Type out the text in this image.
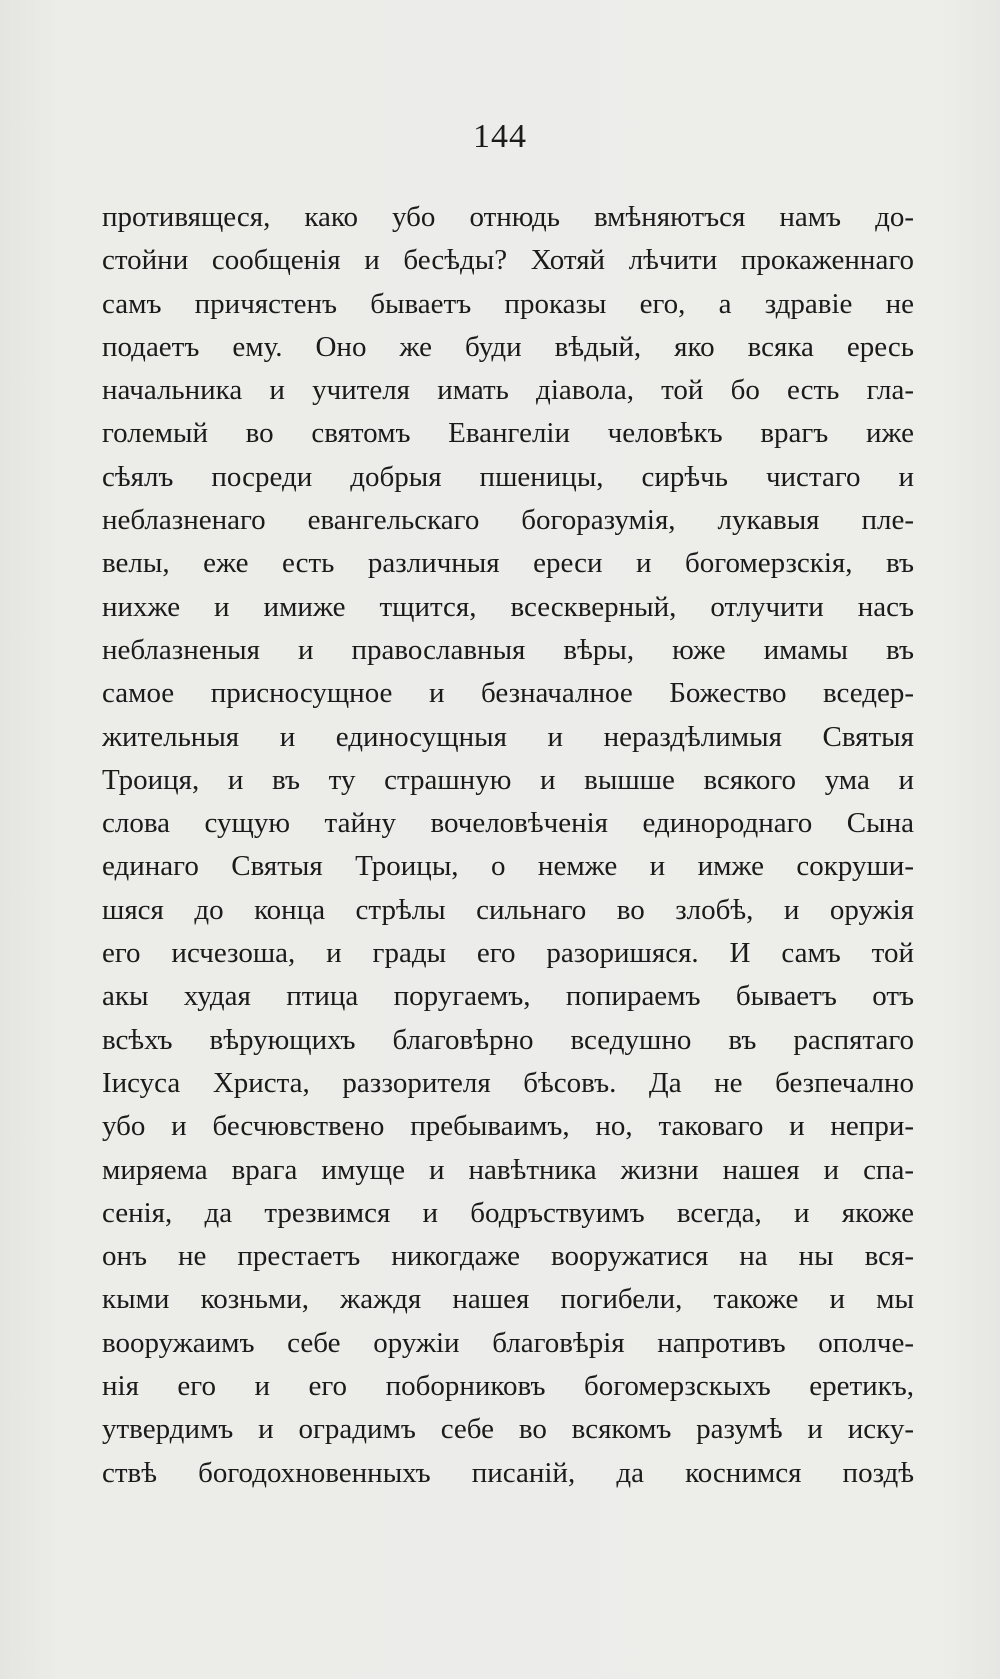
144
противящеся, како убо отнюдь вмѣняютъся намъ до-
стойни сообщенія и бесѣды? Хотяй лѣчити прокаженнаго
самъ причястенъ бываетъ проказы его, а здравіе не
подаетъ ему. Оно же буди вѣдый, яко всяка ересь
начальника и учителя имать діавола, той бо есть гла-
големый во святомъ Евангеліи человѣкъ врагъ иже
сѣялъ посреди добрыя пшеницы, сирѣчь чистаго и
неблазненаго евангельскаго богоразумія, лукавыя пле-
велы, еже есть различныя ереси и богомерзскія, въ
нихже и имиже тщится, всескверный, отлучити насъ
неблазненыя и православныя вѣры, юже имамы въ
самое присносущное и безначалное Божество вседер-
жительныя и единосущныя и нераздѣлимыя Святыя
Троиця, и въ ту страшную и вышше всякого ума и
слова сущую тайну вочеловѣченія единороднаго Сына
единаго Святыя Троицы, о немже и имже сокруши-
шяся до конца стрѣлы сильнаго во злобѣ, и оружія
его исчезоша, и грады его разоришяся. И самъ той
акы худая птица поругаемъ, попираемъ бываетъ отъ
всѣхъ вѣрующихъ благовѣрно вседушно въ распятаго
Іисуса Христа, раззорителя бѣсовъ. Да не безпечално
убо и бесчювствено пребываимъ, но, таковаго и непри-
миряема врага имуще и навѣтника жизни нашея и спа-
сенія, да трезвимся и бодръствуимъ всегда, и якоже
онъ не престаетъ никогдаже вооружатися на ны вся-
кыми козньми, жаждя нашея погибели, такоже и мы
вооружаимъ себе оружіи благовѣрія напротивъ ополче-
нія его и его поборниковъ богомерзскыхъ еретикъ,
утвердимъ и оградимъ себе во всякомъ разумѣ и иску-
ствѣ богодохновенныхъ писаній, да коснимся поздѣ
